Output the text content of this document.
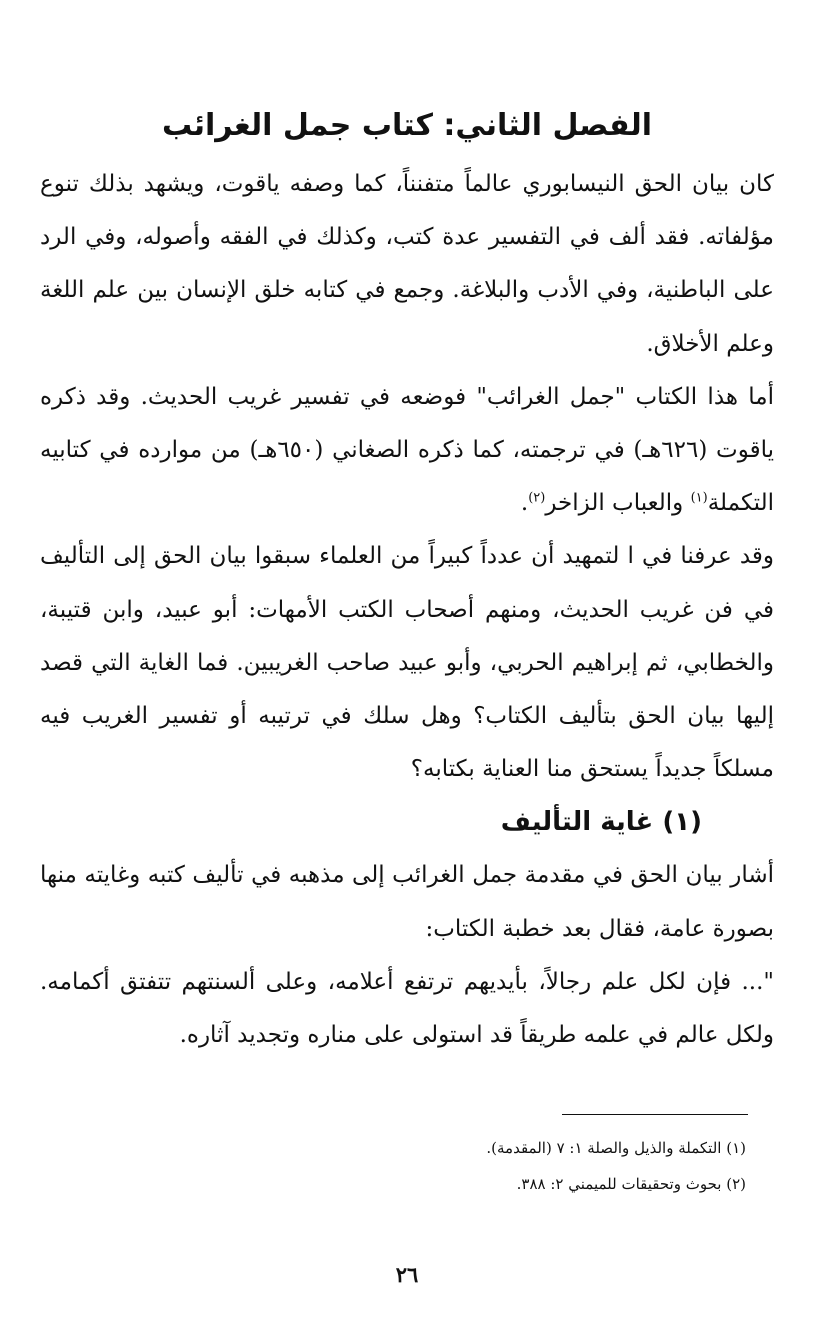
الفصل الثاني: كتاب جمل الغرائب

كان بيان الحق النيسابوري عالماً متفنناً، كما وصفه ياقوت، ويشهد بذلك تنوع مؤلفاته. فقد ألف في التفسير عدة كتب، وكذلك في الفقه وأصوله، وفي الرد على الباطنية، وفي الأدب والبلاغة. وجمع في كتابه خلق الإنسان بين علم اللغة وعلم الأخلاق.

أما هذا الكتاب "جمل الغرائب" فوضعه في تفسير غريب الحديث. وقد ذكره ياقوت (٦٢٦هـ) في ترجمته، كما ذكره الصغاني (٦٥٠هـ) من موارده في كتابيه التكملة$^{(١)}$ والعباب الزاخر$^{(٢)}$.

وقد عرفنا في ا لتمهيد أن عدداً كبيراً من العلماء سبقوا بيان الحق إلى التأليف في فن غريب الحديث، ومنهم أصحاب الكتب الأمهات: أبو عبيد، وابن قتيبة، والخطابي، ثم إبراهيم الحربي، وأبو عبيد صاحب الغريبين. فما الغاية التي قصد إليها بيان الحق بتأليف الكتاب؟ وهل سلك في ترتيبه أو تفسير الغريب فيه مسلكاً جديداً يستحق منا العناية بكتابه؟

(١) غاية التأليف

أشار بيان الحق في مقدمة جمل الغرائب إلى مذهبه في تأليف كتبه وغايته منها بصورة عامة، فقال بعد خطبة الكتاب:

"... فإن لكل علم رجالاً، بأيديهم ترتفع أعلامه، وعلى ألسنتهم تتفتق أكمامه. ولكل عالم في علمه طريقاً قد استولى على مناره وتجديد آثاره.

(١) التكملة والذيل والصلة ١: ٧ (المقدمة).

(٢) بحوث وتحقيقات للميمني ٢: ٣٨٨.

٢٦
